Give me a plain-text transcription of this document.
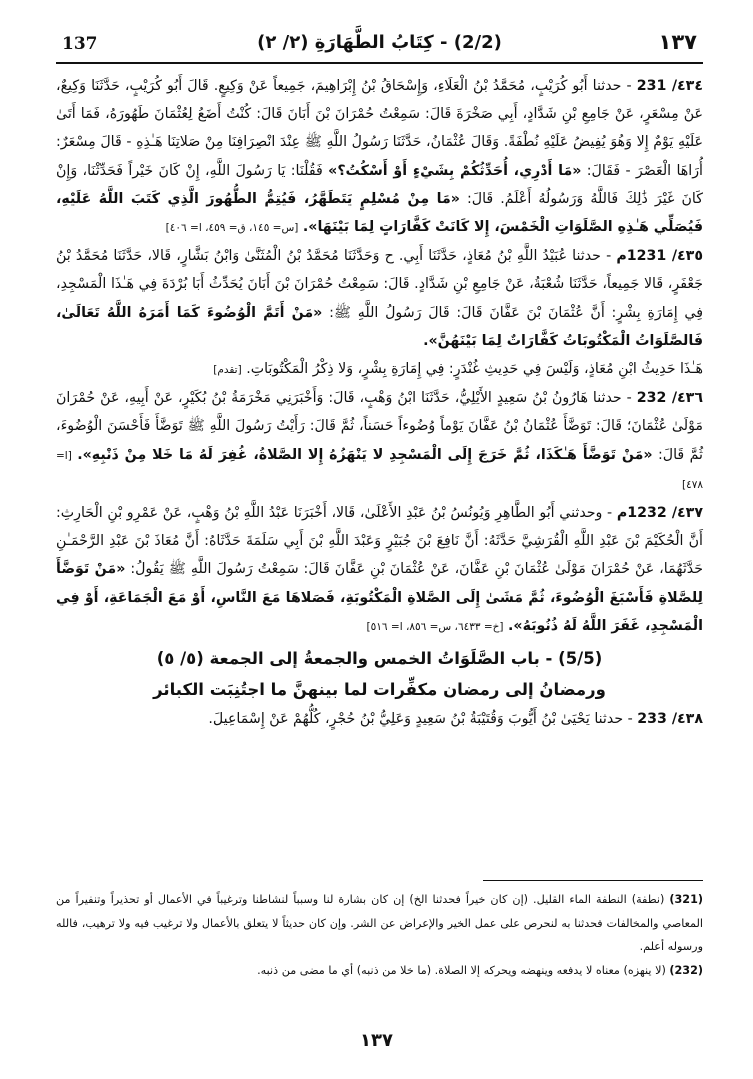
137	(2/2) - كِتَابُ الطَّهَارَةِ (٢/ ٢)	١٣٧

٤٣٤/ 231 - حدثنا أَبُو كُرَيْبٍ، مُحَمَّدُ بْنُ الْعَلَاءِ، وَإِسْحَاقُ بْنُ إِبْرَاهِيمَ، جَمِيعاً عَنْ وَكِيعٍ. قَالَ أَبُو كُرَيْبٍ، حَدَّثَنَا وَكِيعٌ، عَنْ مِسْعَرٍ، عَنْ جَامِعِ بْنِ شَدَّادٍ، أَبِي صَخْرَةَ قَالَ: سَمِعْتُ حُمْرَانَ بْنَ أَبَانَ قَالَ: كُنْتُ أَضَعُ لِعُثْمَانَ طَهُورَهُ، فَمَا أَتَىٰ عَلَيْهِ يَوْمٌ إِلا وَهُوَ يُفِيضُ عَلَيْهِ نُطْفَةً. وَقَالَ عُثْمَانُ، حَدَّثَنَا رَسُولُ اللَّهِ ﷺ عِنْدَ انْصِرَافِنَا مِنْ صَلاتِنَا هَـٰذِهِ - قَالَ مِسْعَرٌ: أُرَاهَا الْعَصْرَ - فَقَالَ: «مَا أَدْرِي، أُحَدِّثُكُمْ بِشَيْءٍ أَوْ أَسْكُتُ؟» فَقُلْنَا: يَا رَسُولَ اللَّهِ، إِنْ كَانَ خَيْراً فَحَدِّثْنَا، وَإِنْ كَانَ غَيْرَ ذَٰلِكَ فَاللَّهُ وَرَسُولُهُ أَعْلَمُ. قَالَ: «مَا مِنْ مُسْلِمٍ يَتَطَهَّرُ، فَيُتِمُّ الطُّهُورَ الَّذِي كَتَبَ اللَّهُ عَلَيْهِ، فَيُصَلِّي هَـٰذِهِ الصَّلَوَاتِ الْخَمْسَ، إِلا كَانَتْ كَفَّارَاتٍ لِمَا بَيْنَهَا». [س= ١٤٥، ق= ٤٥٩، ا= ٤٠٦]

٤٣٥/ 1231م - حدثنا عُبَيْدُ اللَّهِ بْنُ مُعَاذٍ، حَدَّثَنَا أَبِي. ح وَحَدَّثَنَا مُحَمَّدُ بْنُ الْمُثَنَّىٰ وَابْنُ بَشَّارٍ، قَالا، حَدَّثَنَا مُحَمَّدُ بْنُ جَعْفَرٍ، قَالا جَمِيعاً، حَدَّثَنَا شُعْبَةُ، عَنْ جَامِعِ بْنِ شَدَّادٍ. قَالَ: سَمِعْتُ حُمْرَانَ بْنَ أَبَانَ يُحَدِّثُ أَبَا بُرْدَةَ فِي هَـٰذَا الْمَسْجِدِ، فِي إِمَارَةِ بِشْرٍ: أَنَّ عُثْمَانَ بْنَ عَفَّانَ قَالَ: قَالَ رَسُولُ اللَّهِ ﷺ: «مَنْ أَتَمَّ الْوُضُوءَ كَمَا أَمَرَهُ اللَّهُ تَعَالَىٰ، فَالصَّلَوَاتُ الْمَكْتُوبَاتُ كَفَّارَاتٌ لِمَا بَيْنَهُنَّ».

هَـٰذَا حَدِيثُ ابْنِ مُعَاذٍ، وَلَيْسَ فِي حَدِيثِ غُنْدَرٍ: فِي إِمَارَةِ بِشْرٍ، وَلا ذِكْرُ الْمَكْتُوبَاتِ. [تقدم]

٤٣٦/ 232 - حدثنا هَارُونُ بْنُ سَعِيدٍ الأَيْلِيُّ، حَدَّثَنَا ابْنُ وَهْبٍ، قَالَ: وَأَخْبَرَنِي مَخْرَمَةُ بْنُ بُكَيْرٍ، عَنْ أَبِيهِ، عَنْ حُمْرَانَ مَوْلَىٰ عُثْمَانَ؛ قَالَ: تَوَضَّأَ عُثْمَانُ بْنُ عَفَّانَ يَوْماً وُضُوءاً حَسَناً، ثُمَّ قَالَ: رَأَيْتُ رَسُولَ اللَّهِ ﷺ تَوَضَّأَ فَأَحْسَنَ الْوُضُوءَ، ثُمَّ قَالَ: «مَنْ تَوَضَّأَ هَـٰكَذَا، ثُمَّ خَرَجَ إِلَى الْمَسْجِدِ لا يَنْهَزُهُ إِلا الصَّلاةُ، غُفِرَ لَهُ مَا خَلا مِنْ ذَنْبِهِ». [ا= ٤٧٨]

٤٣٧/ 1232م - وحدثني أَبُو الطَّاهِرِ وَيُونُسُ بْنُ عَبْدِ الأَعْلَىٰ، قَالا، أَخْبَرَنَا عَبْدُ اللَّهِ بْنُ وَهْبٍ، عَنْ عَمْرِو بْنِ الْحَارِثِ: أَنَّ الْحُكَيْمَ بْنَ عَبْدِ اللَّهِ الْقُرَشِيَّ حَدَّثَهُ: أَنَّ نَافِعَ بْنَ جُبَيْرٍ وَعَبْدَ اللَّهِ بْنَ أَبِي سَلَمَةَ حَدَّثَاهُ: أَنَّ مُعَاذَ بْنَ عَبْدِ الرَّحْمَـٰنِ حَدَّثَهُمَا، عَنْ حُمْرَانَ مَوْلَىٰ عُثْمَانَ بْنِ عَفَّانَ، عَنْ عُثْمَانَ بْنِ عَفَّانَ قَالَ: سَمِعْتُ رَسُولَ اللَّهِ ﷺ يَقُولُ: «مَنْ تَوَضَّأَ لِلصَّلاةِ فَأَسْبَغَ الْوُضُوءَ، ثُمَّ مَشَىٰ إِلَى الصَّلاةِ الْمَكْتُوبَةِ، فَصَلاهَا مَعَ النَّاسِ، أَوْ مَعَ الْجَمَاعَةِ، أَوْ فِي الْمَسْجِدِ، غَفَرَ اللَّهُ لَهُ ذُنُوبَهُ». [خ= ٦٤٣٣، س= ٨٥٦، ا= ٥١٦]

(5/5) - باب الصَّلَوَاتُ الخمس والجمعةُ إلى الجمعة (٥/ ٥)
ورمضانُ إلى رمضان مكفِّرات لما بينهنَّ ما اجتُنِبَت الكبائر

٤٣٨/ 233 - حدثنا يَحْيَىٰ بْنُ أَيُّوبَ وَقُتَيْبَةُ بْنُ سَعِيدٍ وَعَلِيُّ بْنُ حُجْرٍ، كُلُّهُمْ عَنْ إِسْمَاعِيلَ.

(321) (نطفة) النطفة الماء القليل. (إن كان خيراً فحدثنا الخ) إن كان بشارة لنا وسبباً لنشاطنا وترغيباً في الأعمال أو تحذيراً وتنفيراً من المعاصي والمخالفات فحدثنا به لنحرص على عمل الخير والإعراض عن الشر. وإن كان حديثاً لا يتعلق بالأعمال ولا ترغيب فيه ولا ترهيب، فالله ورسوله أعلم.

(232) (لا ينهزه) معناه لا يدفعه وينهضه ويحركه إلا الصلاة. (ما خلا من ذنبه) أي ما مضى من ذنبه.

١٣٧
